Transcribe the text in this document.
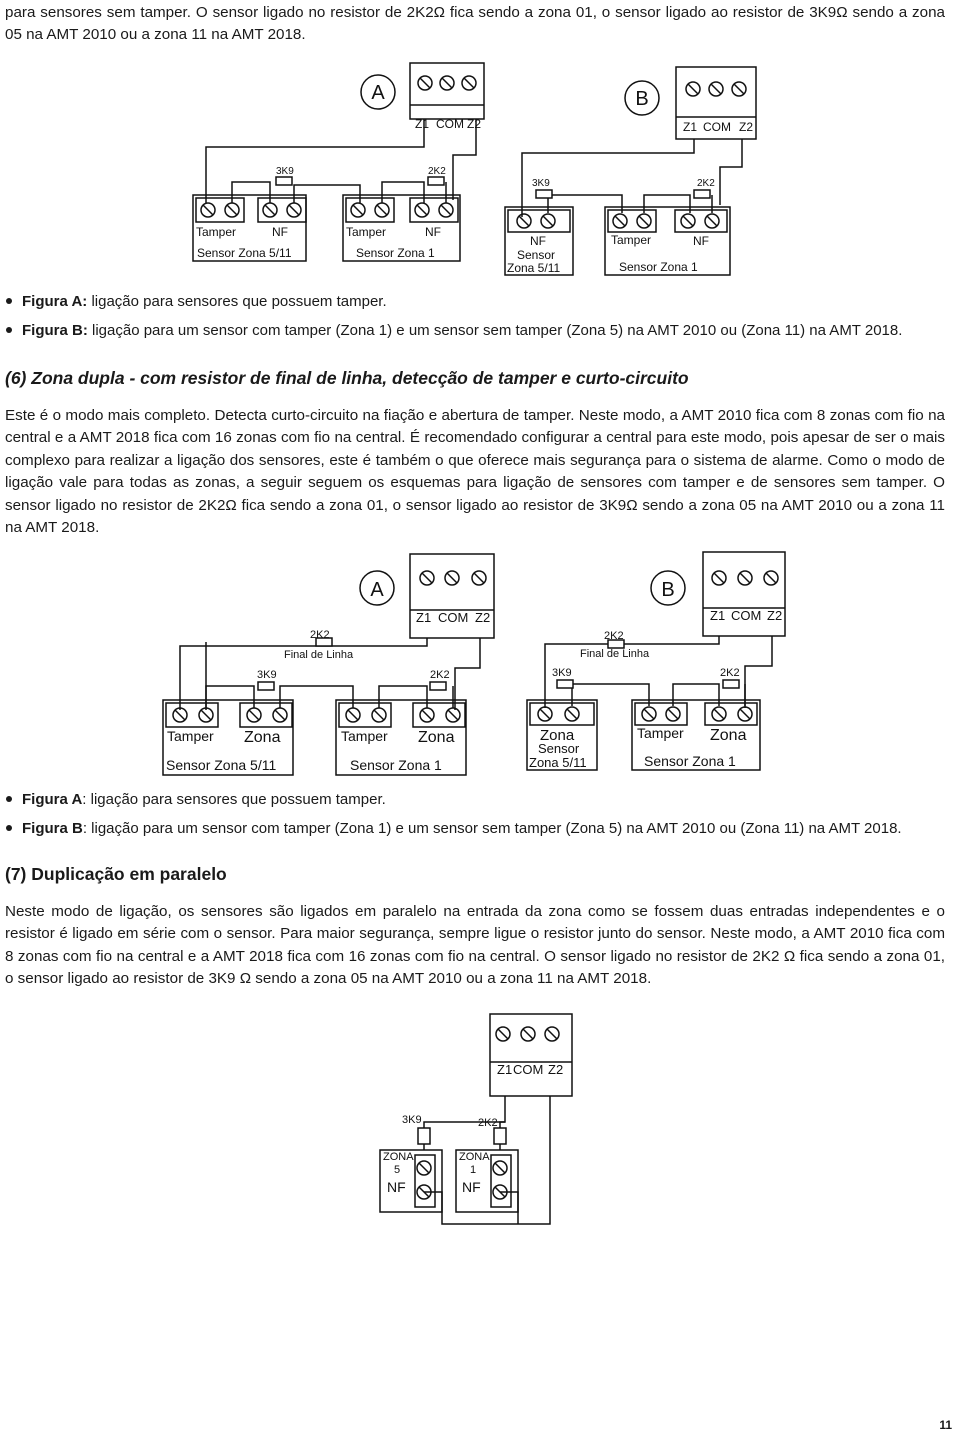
para sensores sem tamper. O sensor ligado no resistor de 2K2Ω fica sendo a zona 01, o sensor ligado ao resistor de 3K9Ω sendo a zona 05 na AMT 2010 ou a zona 11 na AMT 2018.
A
Z1 COM Z2
3K9	2K2
Tamper	NF
Sensor Zona 5/11
Tamper	NF
Sensor Zona 1
B
Z1 COM Z2
3K9	2K2
NF
Sensor
Zona 5/11
Tamper	NF
Sensor Zona 1
Figura A: ligação para sensores que possuem tamper.
Figura B: ligação para um sensor com tamper (Zona 1) e um sensor sem tamper (Zona 5) na AMT 2010 ou (Zona 11) na AMT 2018.
(6) Zona dupla - com resistor de final de linha, detecção de tamper e curto-circuito
Este é o modo mais completo. Detecta curto-circuito na fiação e abertura de tamper. Neste modo, a AMT 2010 fica com 8 zonas com fio na central e a AMT 2018 fica com 16 zonas com fio na central. É recomendado configurar a central para este modo, pois apesar de ser o mais complexo para realizar a ligação dos sensores, este é também o que oferece mais segurança para o sistema de alarme. Como o modo de ligação vale para todas as zonas, a seguir seguem os esquemas para ligação de sensores com tamper e de sensores sem tamper. O sensor ligado no resistor de 2K2Ω fica sendo a zona 01, o sensor ligado ao resistor de 3K9Ω sendo a zona 05 na AMT 2010 ou a zona 11 na AMT 2018.
A
Z1 COM Z2
2K2
Final de Linha
3K9	2K2
Tamper Zona
Sensor Zona 5/11
Tamper Zona
Sensor Zona 1
B
Z1 COM Z2
2K2
Final de Linha
3K9	2K2
Zona
Sensor
Zona 5/11
Tamper Zona
Sensor Zona 1
Figura A: ligação para sensores que possuem tamper.
Figura B: ligação para um sensor com tamper (Zona 1) e um sensor sem tamper (Zona 5) na AMT 2010 ou (Zona 11) na AMT 2018.
(7) Duplicação em paralelo
Neste modo de ligação, os sensores são ligados em paralelo na entrada da zona como se fossem duas entradas independentes e o resistor é ligado em série com o sensor. Para maior segurança, sempre ligue o resistor junto do sensor. Neste modo, a AMT 2010 fica com 8 zonas com fio na central e a AMT 2018 fica com 16 zonas com fio na central. O sensor ligado no resistor de 2K2 Ω fica sendo a zona 01, o sensor ligado ao resistor de 3K9 Ω sendo a zona 05 na AMT 2010 ou a zona 11 na AMT 2018.
Z1 COM Z2
3K9	2K2
ZONA
5
NF
ZONA
1
NF
11
